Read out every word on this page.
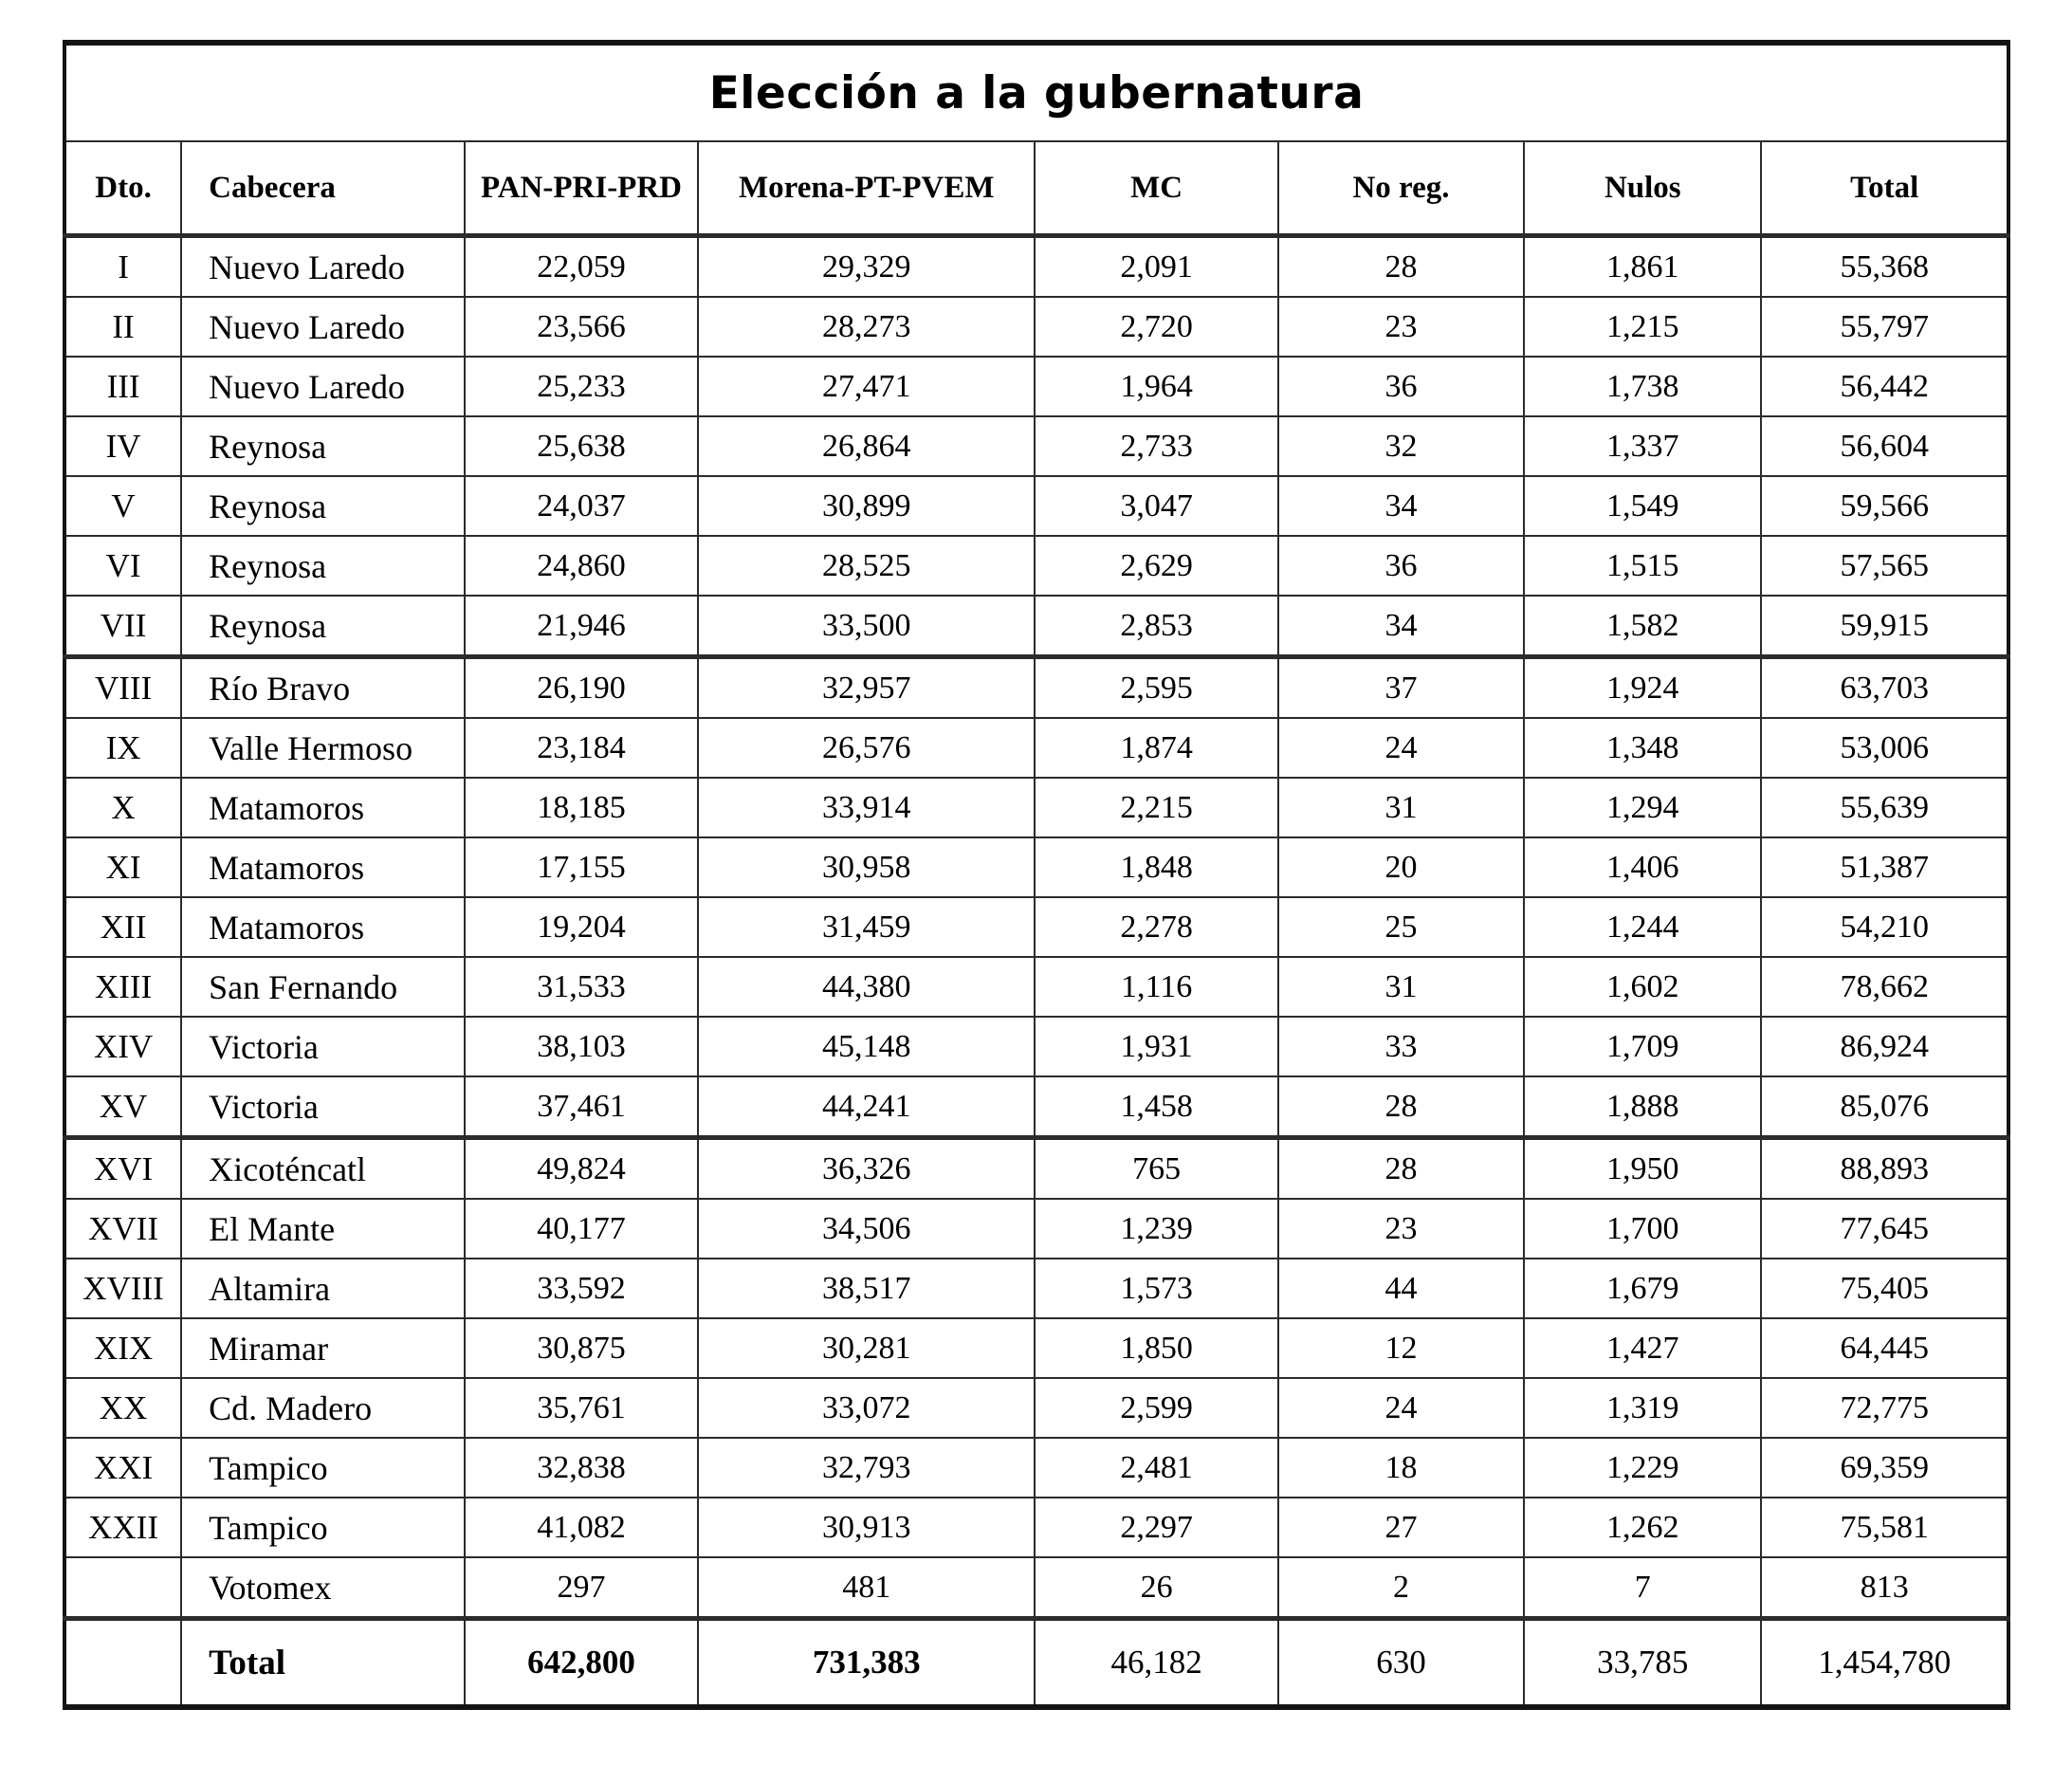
Elección a la gubernatura							
Dto.	Cabecera	PAN-PRI-PRD	Morena-PT-PVEM	MC	No reg.	Nulos	Total
I	Nuevo Laredo	22,059	29,329	2,091	28	1,861	55,368
II	Nuevo Laredo	23,566	28,273	2,720	23	1,215	55,797
III	Nuevo Laredo	25,233	27,471	1,964	36	1,738	56,442
IV	Reynosa	25,638	26,864	2,733	32	1,337	56,604
V	Reynosa	24,037	30,899	3,047	34	1,549	59,566
VI	Reynosa	24,860	28,525	2,629	36	1,515	57,565
VII	Reynosa	21,946	33,500	2,853	34	1,582	59,915
VIII	Río Bravo	26,190	32,957	2,595	37	1,924	63,703
IX	Valle Hermoso	23,184	26,576	1,874	24	1,348	53,006
X	Matamoros	18,185	33,914	2,215	31	1,294	55,639
XI	Matamoros	17,155	30,958	1,848	20	1,406	51,387
XII	Matamoros	19,204	31,459	2,278	25	1,244	54,210
XIII	San Fernando	31,533	44,380	1,116	31	1,602	78,662
XIV	Victoria	38,103	45,148	1,931	33	1,709	86,924
XV	Victoria	37,461	44,241	1,458	28	1,888	85,076
XVI	Xicoténcatl	49,824	36,326	765	28	1,950	88,893
XVII	El Mante	40,177	34,506	1,239	23	1,700	77,645
XVIII	Altamira	33,592	38,517	1,573	44	1,679	75,405
XIX	Miramar	30,875	30,281	1,850	12	1,427	64,445
XX	Cd. Madero	35,761	33,072	2,599	24	1,319	72,775
XXI	Tampico	32,838	32,793	2,481	18	1,229	69,359
XXII	Tampico	41,082	30,913	2,297	27	1,262	75,581
	Votomex	297	481	26	2	7	813
	Total	642,800	731,383	46,182	630	33,785	1,454,780
